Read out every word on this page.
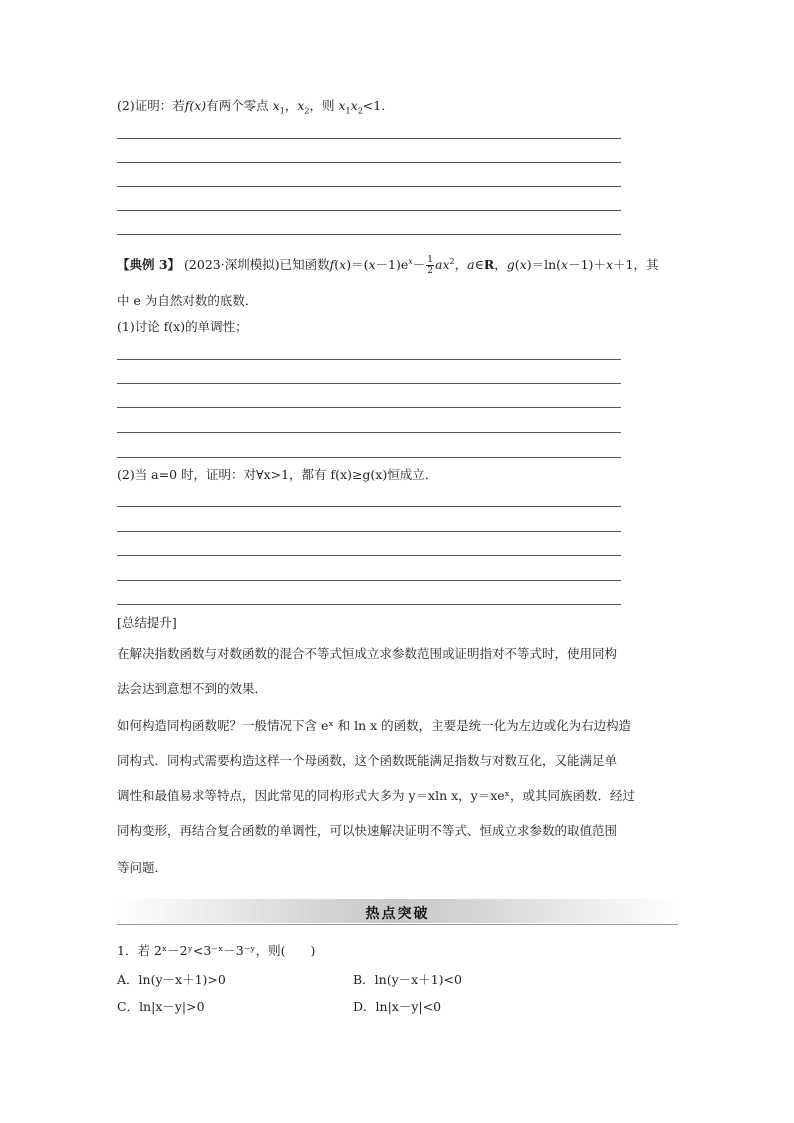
(2)证明：若f(x)有两个零点 $x_1$，$x_2$，则 $x_1x_2<1$.
【典例 3】 (2023·深圳模拟)已知函数$f(x)=(x-1)e^x- \frac{1}{2} ax^2$，a∈R，g(x)＝ln(x－1)＋x＋1，其
中 e 为自然对数的底数．
(1)讨论 f(x)的单调性；
(2)当 a=0 时，证明：对∀x>1，都有 f(x)≥g(x)恒成立．
[总结提升]
在解决指数函数与对数函数的混合不等式恒成立求参数范围或证明指对不等式时，使用同构
法会达到意想不到的效果．
如何构造同构函数呢？一般情况下含 eˣ 和 ln x 的函数，主要是统一化为左边或化为右边构造
同构式．同构式需要构造这样一个母函数，这个函数既能满足指数与对数互化，又能满足单
调性和最值易求等特点，因此常见的同构形式大多为 y＝xln x，y＝xeˣ，或其同族函数．经过
同构变形，再结合复合函数的单调性，可以快速解决证明不等式、恒成立求参数的取值范围
等问题．
热点突破
1．若 2ˣ－2ʸ<3⁻ˣ－3⁻ʸ，则(　　)
A．ln(y－x＋1)>0	B．ln(y－x＋1)<0
C．ln|x－y|>0	D．ln|x－y|<0
